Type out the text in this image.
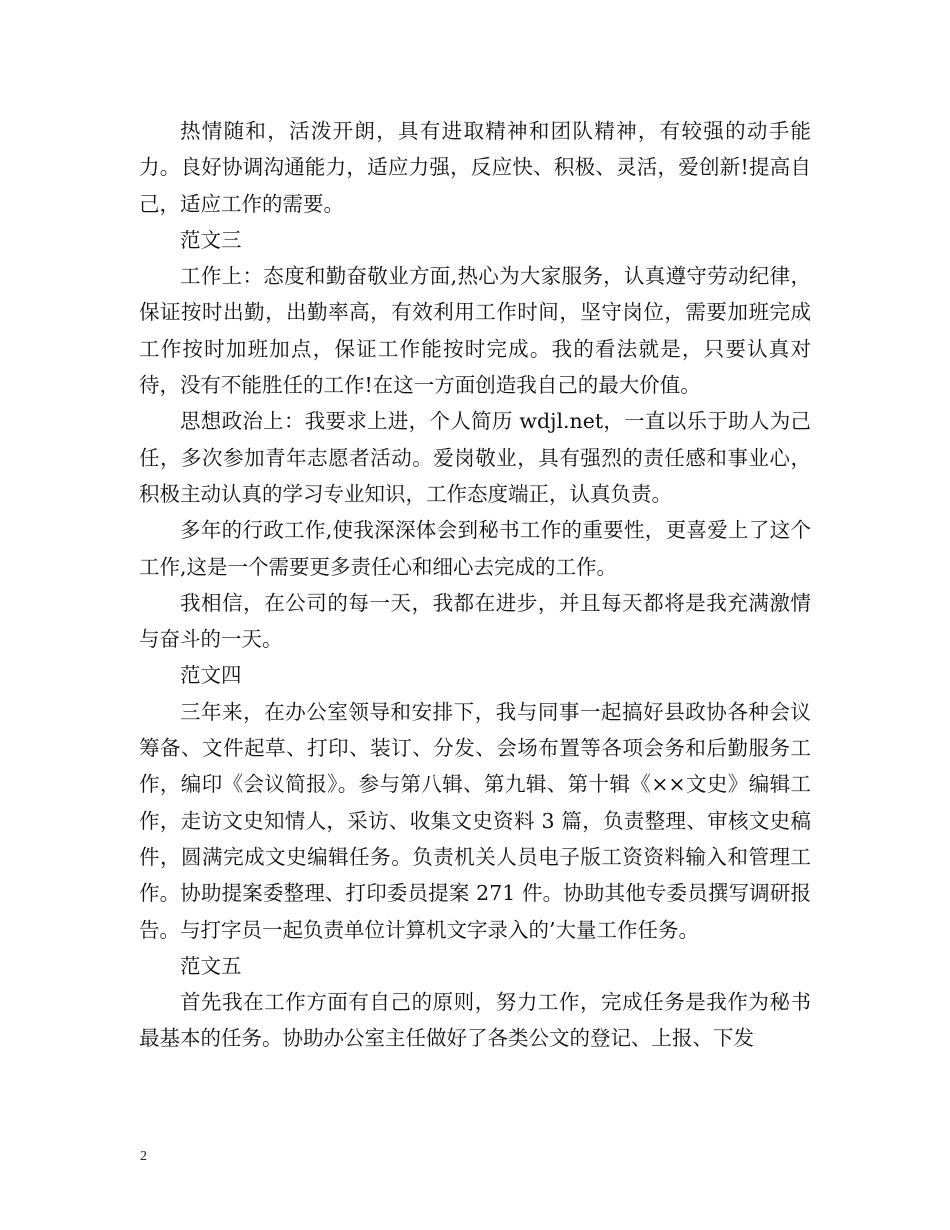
热情随和，活泼开朗，具有进取精神和团队精神，有较强的动手能力。良好协调沟通能力，适应力强，反应快、积极、灵活，爱创新!提高自己，适应工作的需要。

范文三

工作上：态度和勤奋敬业方面,热心为大家服务，认真遵守劳动纪律，保证按时出勤，出勤率高，有效利用工作时间，坚守岗位，需要加班完成工作按时加班加点，保证工作能按时完成。我的看法就是，只要认真对待，没有不能胜任的工作!在这一方面创造我自己的最大价值。

思想政治上：我要求上进，个人简历 wdjl.net，一直以乐于助人为己任，多次参加青年志愿者活动。爱岗敬业，具有强烈的责任感和事业心，积极主动认真的学习专业知识，工作态度端正，认真负责。

多年的行政工作,使我深深体会到秘书工作的重要性，更喜爱上了这个工作,这是一个需要更多责任心和细心去完成的工作。

我相信，在公司的每一天，我都在进步，并且每天都将是我充满激情与奋斗的一天。

范文四

三年来，在办公室领导和安排下，我与同事一起搞好县政协各种会议筹备、文件起草、打印、装订、分发、会场布置等各项会务和后勤服务工作，编印《会议简报》。参与第八辑、第九辑、第十辑《××文史》编辑工作，走访文史知情人，采访、收集文史资料 3 篇，负责整理、审核文史稿件，圆满完成文史编辑任务。负责机关人员电子版工资资料输入和管理工作。协助提案委整理、打印委员提案 271 件。协助其他专委员撰写调研报告。与打字员一起负责单位计算机文字录入的’大量工作任务。

范文五

首先我在工作方面有自己的原则，努力工作，完成任务是我作为秘书最基本的任务。协助办公室主任做好了各类公文的登记、上报、下发

2
